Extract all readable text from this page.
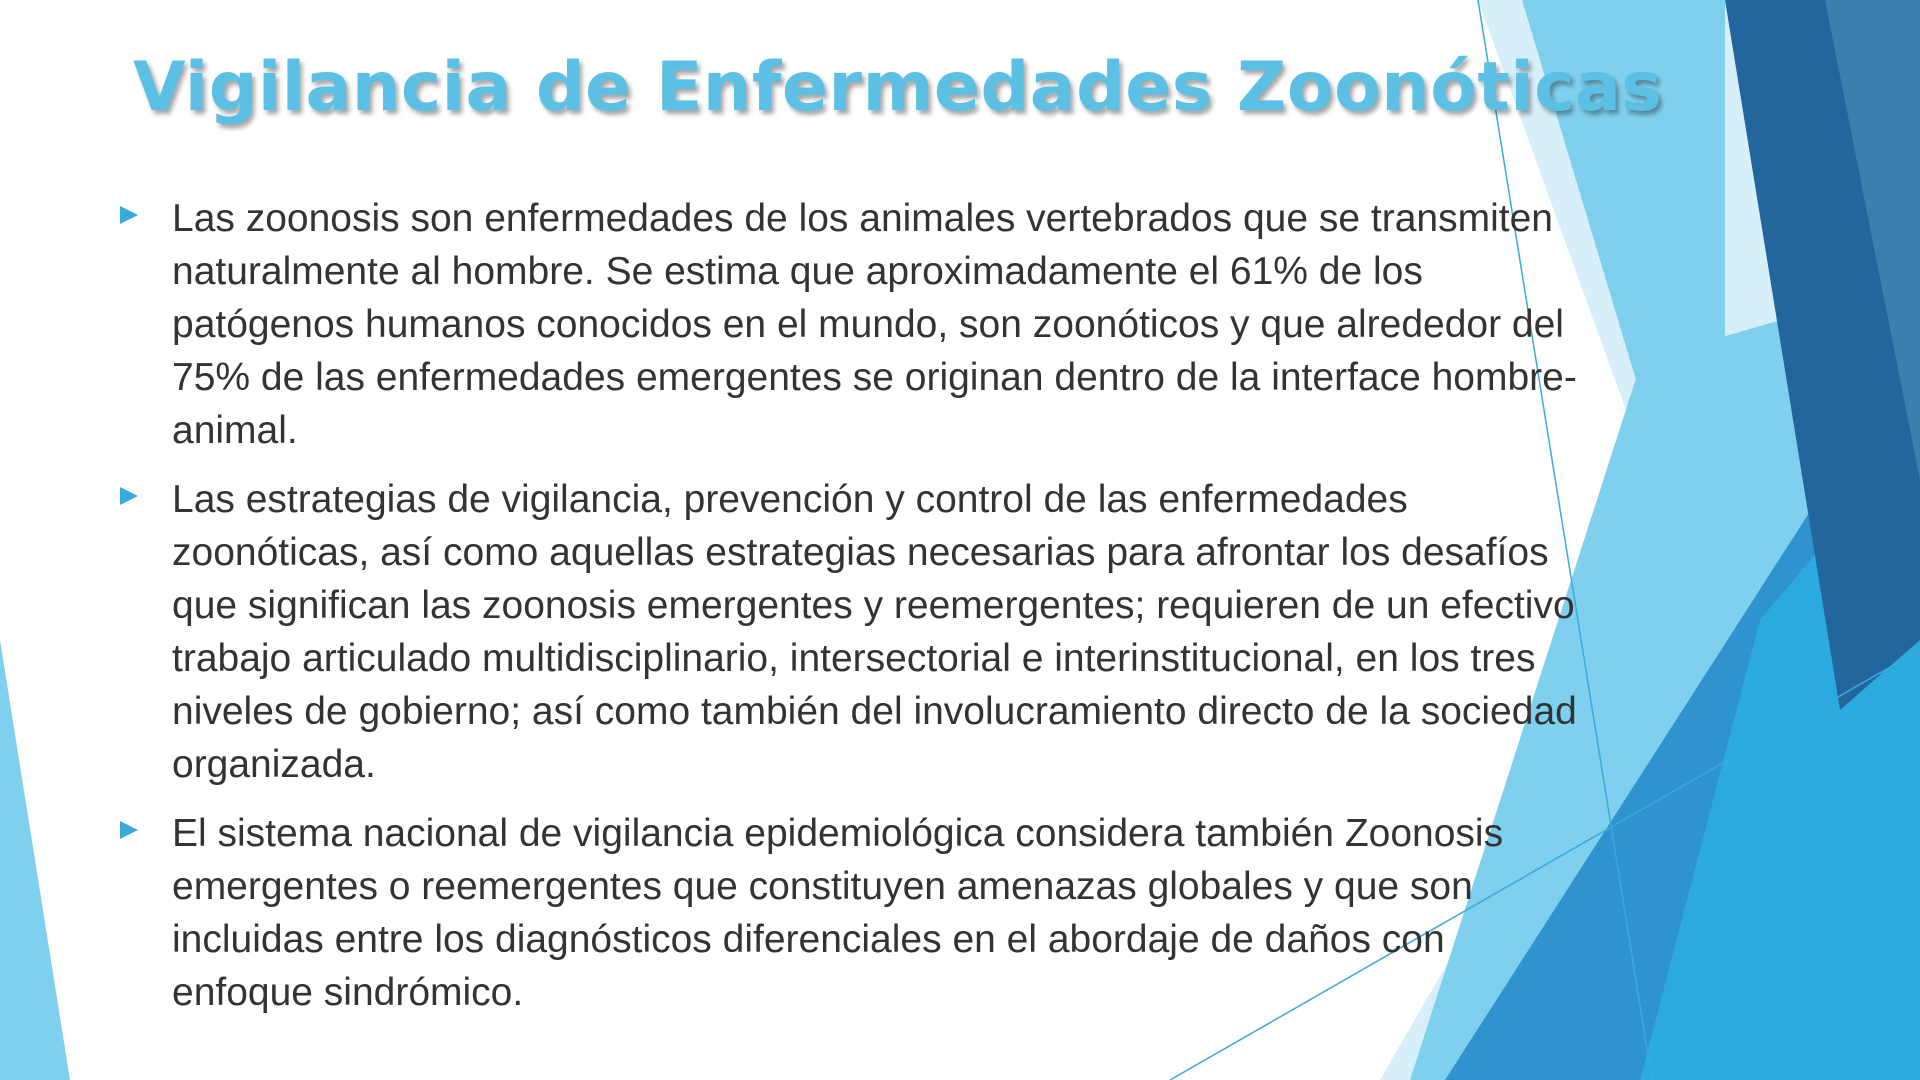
Vigilancia de Enfermedades Zoonóticas
Las zoonosis son enfermedades de los animales vertebrados que se transmiten
naturalmente al hombre. Se estima que aproximadamente el 61% de los
patógenos humanos conocidos en el mundo, son zoonóticos y que alrededor del
75% de las enfermedades emergentes se originan dentro de la interface hombre-
animal.
Las estrategias de vigilancia, prevención y control de las enfermedades
zoonóticas, así como aquellas estrategias necesarias para afrontar los desafíos
que significan las zoonosis emergentes y reemergentes; requieren de un efectivo
trabajo articulado multidisciplinario, intersectorial e interinstitucional, en los tres
niveles de gobierno; así como también del involucramiento directo de la sociedad
organizada.
El sistema nacional de vigilancia epidemiológica considera también Zoonosis
emergentes o reemergentes que constituyen amenazas globales y que son
incluidas entre los diagnósticos diferenciales en el abordaje de daños con
enfoque sindrómico.
